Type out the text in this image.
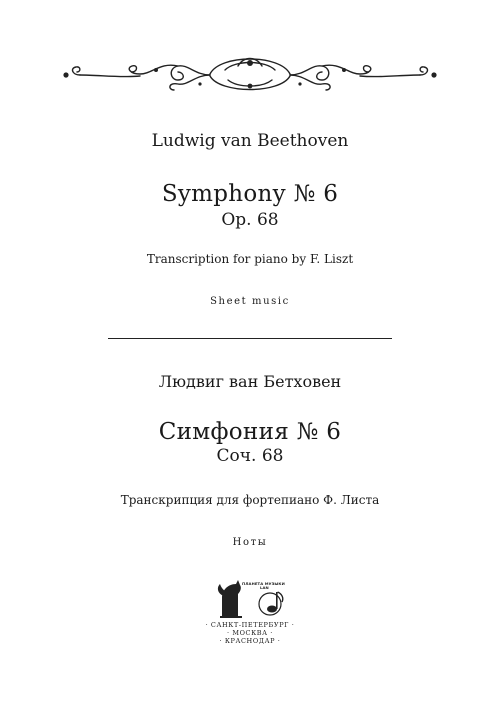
Ludwig van Beethoven
Symphony № 6
Op. 68
Transcription for piano by F. Liszt
Sheet music
Людвиг ван Бетховен
Симфония № 6
Соч. 68
Транскрипция для фортепиано Ф. Листа
Ноты
ПЛАНЕТА МУЗЫКИ
LAN
· САНКТ-ПЕТЕРБУРГ ·
· МОСКВА ·
· КРАСНОДАР ·
